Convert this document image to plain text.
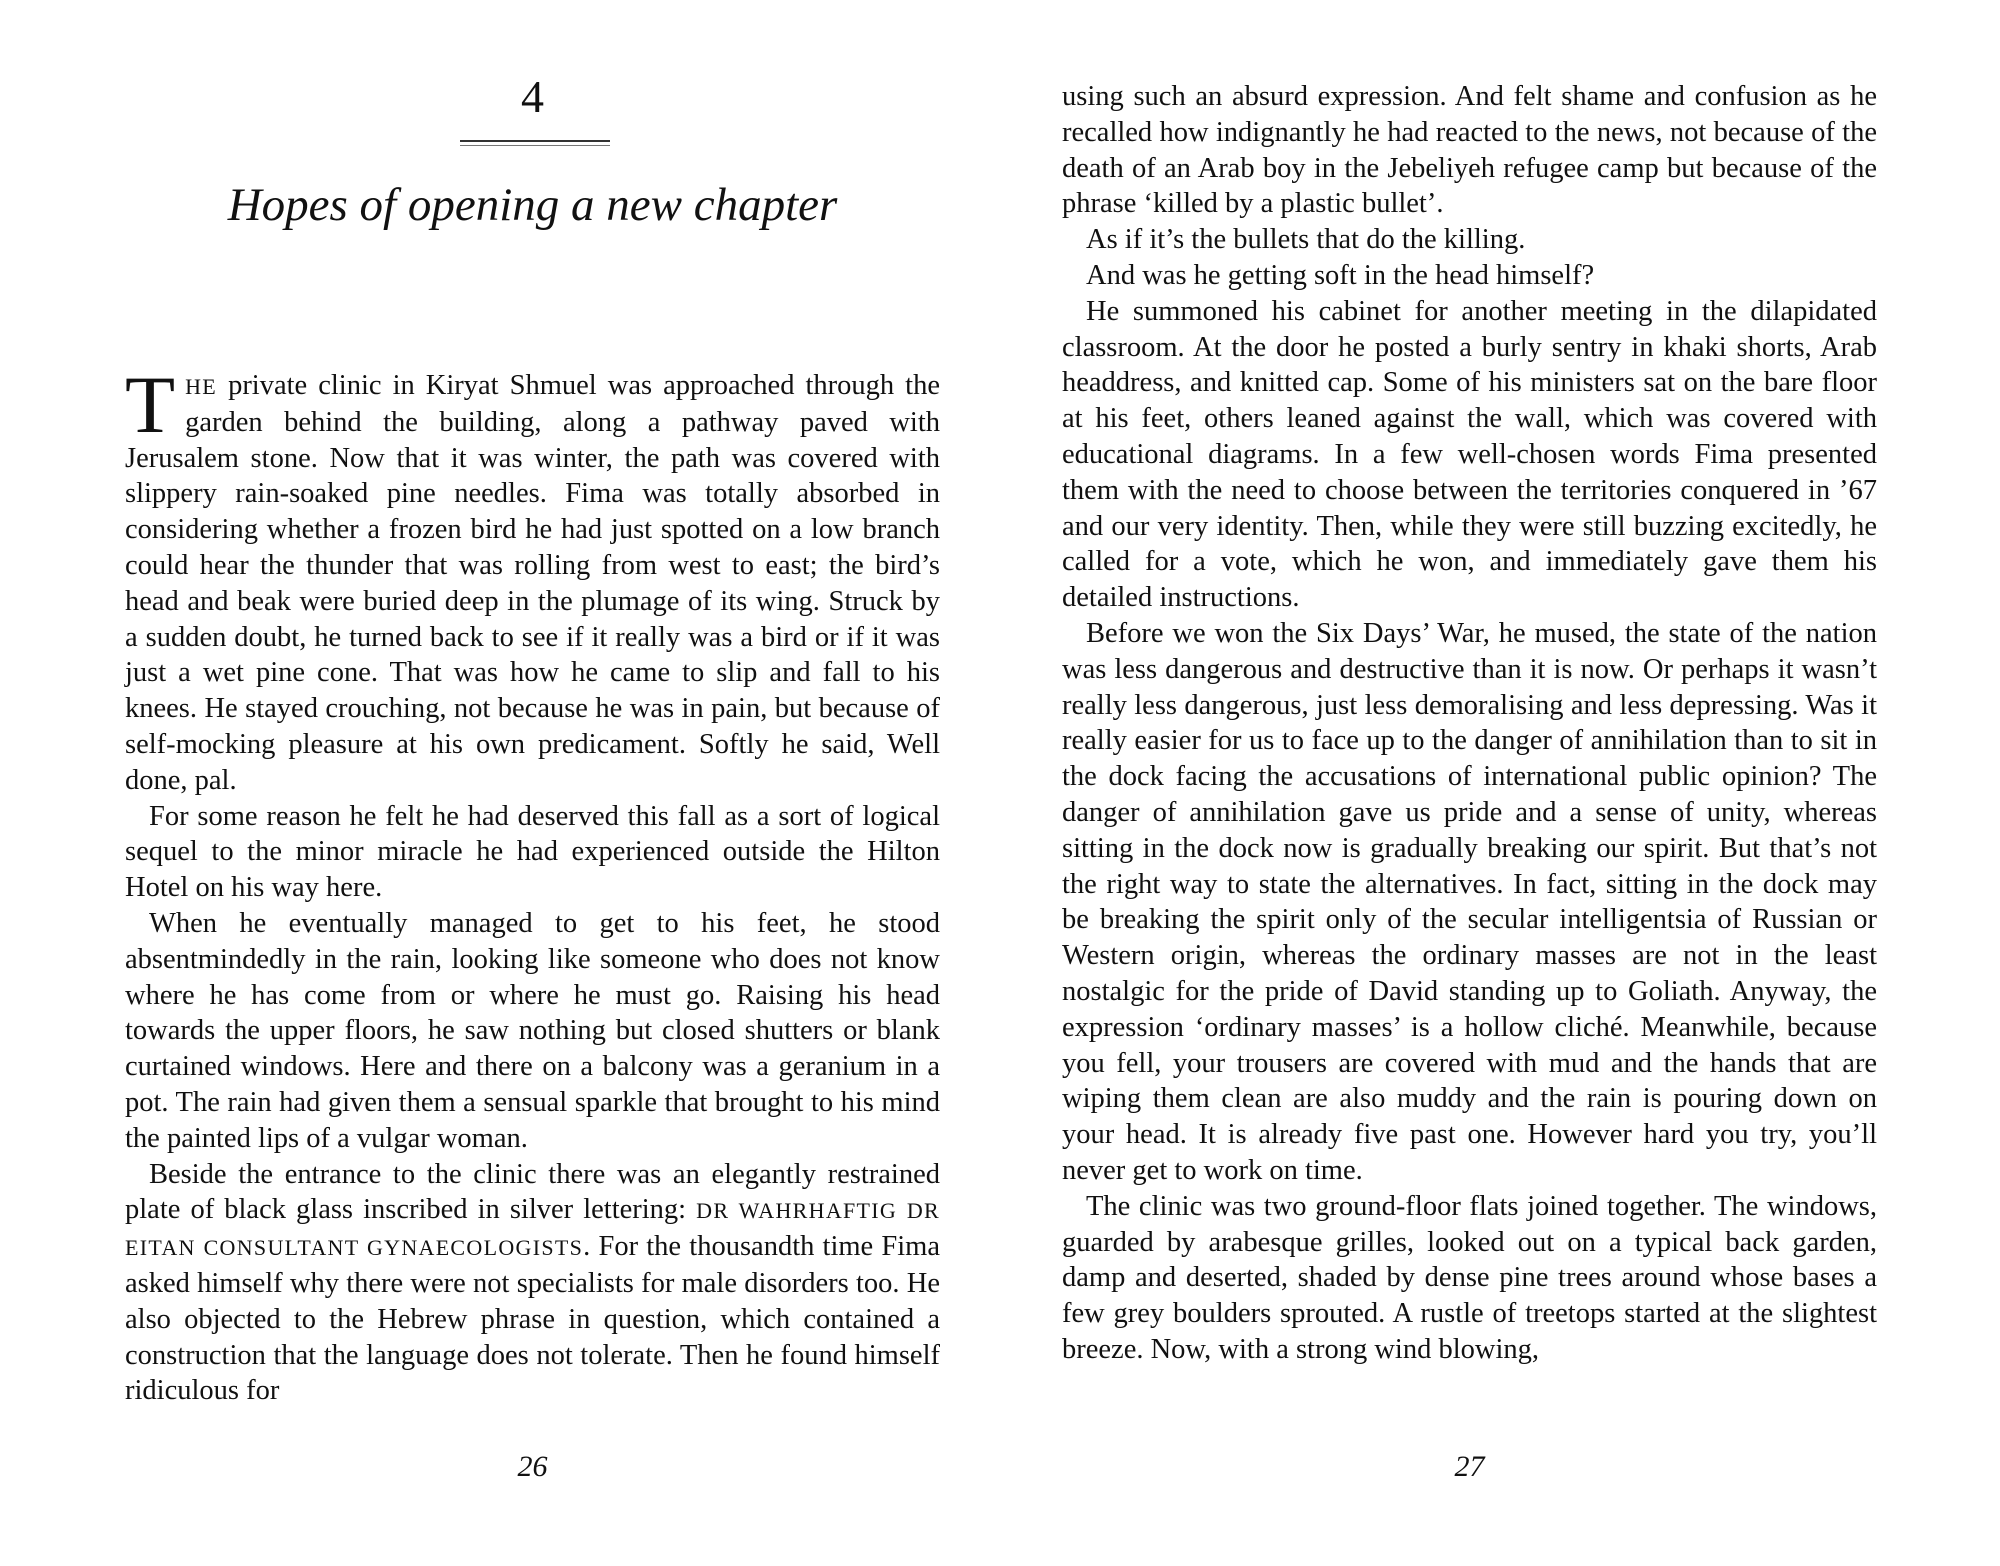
4
Hopes of opening a new chapter

THE private clinic in Kiryat Shmuel was approached through the garden behind the building, along a pathway paved with Jerusalem stone. Now that it was winter, the path was covered with slippery rain-soaked pine needles. Fima was totally absorbed in considering whether a frozen bird he had just spotted on a low branch could hear the thunder that was rolling from west to east; the bird’s head and beak were buried deep in the plumage of its wing. Struck by a sudden doubt, he turned back to see if it really was a bird or if it was just a wet pine cone. That was how he came to slip and fall to his knees. He stayed crouching, not because he was in pain, but because of self-mocking pleasure at his own predicament. Softly he said, Well done, pal.

For some reason he felt he had deserved this fall as a sort of logical sequel to the minor miracle he had experienced outside the Hilton Hotel on his way here.

When he eventually managed to get to his feet, he stood absentmindedly in the rain, looking like someone who does not know where he has come from or where he must go. Raising his head towards the upper floors, he saw nothing but closed shutters or blank curtained windows. Here and there on a balcony was a geranium in a pot. The rain had given them a sensual sparkle that brought to his mind the painted lips of a vulgar woman.

Beside the entrance to the clinic there was an elegantly restrained plate of black glass inscribed in silver lettering: DR WAHRHAFTIG DR EITAN CONSULTANT GYNAECOLOGISTS. For the thousandth time Fima asked himself why there were not specialists for male disorders too. He also objected to the Hebrew phrase in question, which contained a construction that the language does not tolerate. Then he found himself ridiculous for

26

using such an absurd expression. And felt shame and confusion as he recalled how indignantly he had reacted to the news, not because of the death of an Arab boy in the Jebeliyeh refugee camp but because of the phrase ‘killed by a plastic bullet’.

As if it’s the bullets that do the killing.

And was he getting soft in the head himself?

He summoned his cabinet for another meeting in the dilapidated classroom. At the door he posted a burly sentry in khaki shorts, Arab headdress, and knitted cap. Some of his ministers sat on the bare floor at his feet, others leaned against the wall, which was covered with educational diagrams. In a few well-chosen words Fima presented them with the need to choose between the territories conquered in ’67 and our very identity. Then, while they were still buzzing excitedly, he called for a vote, which he won, and immediately gave them his detailed instructions.

Before we won the Six Days’ War, he mused, the state of the nation was less dangerous and destructive than it is now. Or perhaps it wasn’t really less dangerous, just less demoralising and less depressing. Was it really easier for us to face up to the danger of annihilation than to sit in the dock facing the accusations of international public opinion? The danger of annihilation gave us pride and a sense of unity, whereas sitting in the dock now is gradually breaking our spirit. But that’s not the right way to state the alternatives. In fact, sitting in the dock may be breaking the spirit only of the secular intelligentsia of Russian or Western origin, whereas the ordinary masses are not in the least nostalgic for the pride of David standing up to Goliath. Anyway, the expression ‘ordinary masses’ is a hollow cliché. Meanwhile, because you fell, your trousers are covered with mud and the hands that are wiping them clean are also muddy and the rain is pouring down on your head. It is already five past one. However hard you try, you’ll never get to work on time.

The clinic was two ground-floor flats joined together. The windows, guarded by arabesque grilles, looked out on a typical back garden, damp and deserted, shaded by dense pine trees around whose bases a few grey boulders sprouted. A rustle of treetops started at the slightest breeze. Now, with a strong wind blowing,

27
